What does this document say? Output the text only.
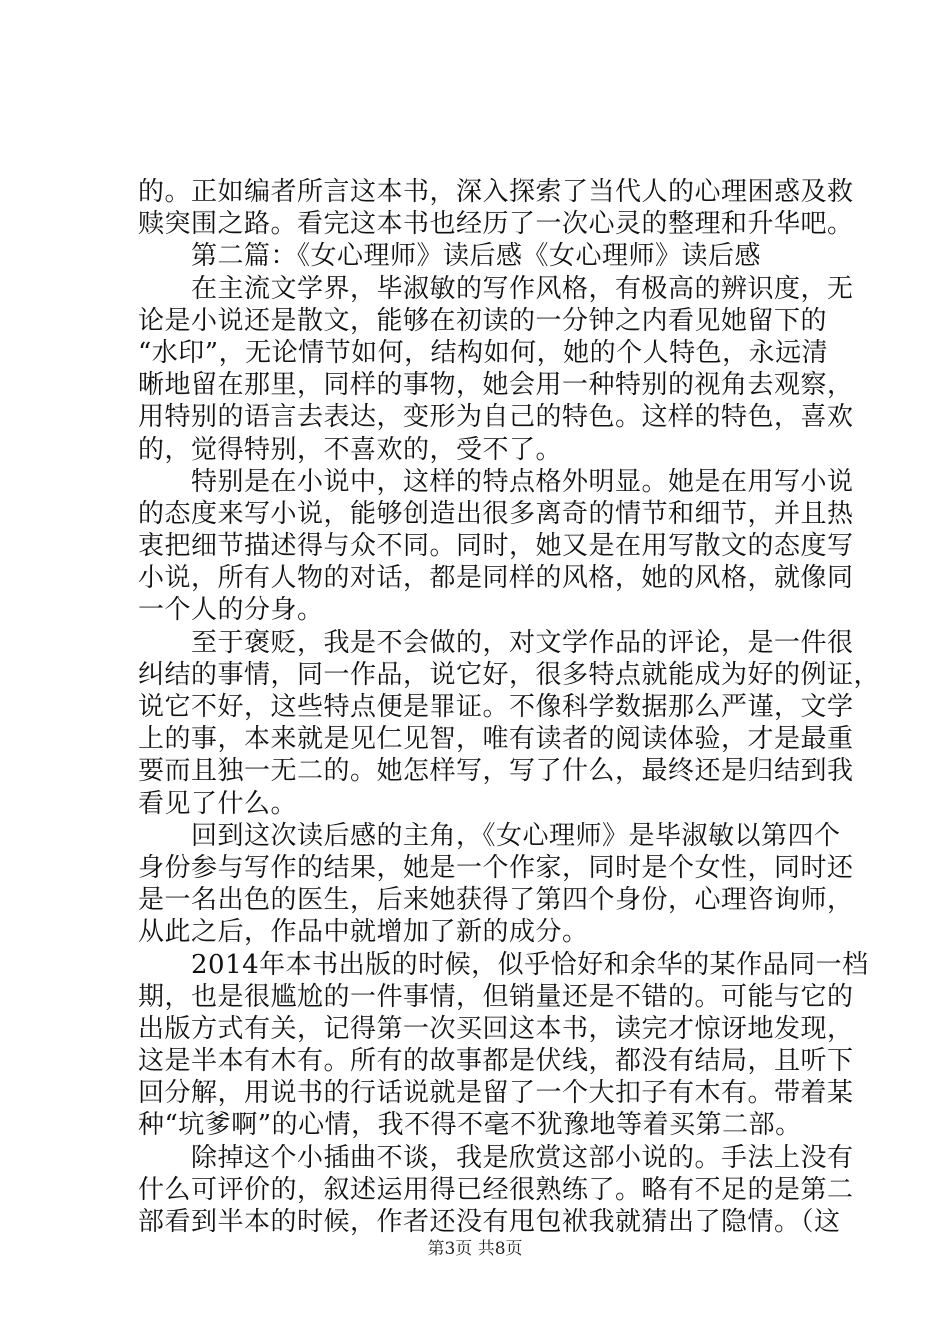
的。正如编者所言这本书，深入探索了当代人的心理困惑及救
赎突围之路。看完这本书也经历了一次心灵的整理和升华吧。
　　第二篇：《女心理师》读后感《女心理师》读后感
　　在主流文学界，毕淑敏的写作风格，有极高的辨识度，无
论是小说还是散文，能够在初读的一分钟之内看见她留下的
“水印”，无论情节如何，结构如何，她的个人特色，永远清
晰地留在那里，同样的事物，她会用一种特别的视角去观察，
用特别的语言去表达，变形为自己的特色。这样的特色，喜欢
的，觉得特别，不喜欢的，受不了。
　　特别是在小说中，这样的特点格外明显。她是在用写小说
的态度来写小说，能够创造出很多离奇的情节和细节，并且热
衷把细节描述得与众不同。同时，她又是在用写散文的态度写
小说，所有人物的对话，都是同样的风格，她的风格，就像同
一个人的分身。
　　至于褒贬，我是不会做的，对文学作品的评论，是一件很
纠结的事情，同一作品，说它好，很多特点就能成为好的例证，
说它不好，这些特点便是罪证。不像科学数据那么严谨，文学
上的事，本来就是见仁见智，唯有读者的阅读体验，才是最重
要而且独一无二的。她怎样写，写了什么，最终还是归结到我
看见了什么。
　　回到这次读后感的主角，《女心理师》是毕淑敏以第四个
身份参与写作的结果，她是一个作家，同时是个女性，同时还
是一名出色的医生，后来她获得了第四个身份，心理咨询师，
从此之后，作品中就增加了新的成分。
　　2014年本书出版的时候，似乎恰好和余华的某作品同一档
期，也是很尴尬的一件事情，但销量还是不错的。可能与它的
出版方式有关，记得第一次买回这本书，读完才惊讶地发现，
这是半本有木有。所有的故事都是伏线，都没有结局，且听下
回分解，用说书的行话说就是留了一个大扣子有木有。带着某
种“坑爹啊”的心情，我不得不毫不犹豫地等着买第二部。
　　除掉这个小插曲不谈，我是欣赏这部小说的。手法上没有
什么可评价的，叙述运用得已经很熟练了。略有不足的是第二
部看到半本的时候，作者还没有甩包袱我就猜出了隐情。（这
第3页 共8页
